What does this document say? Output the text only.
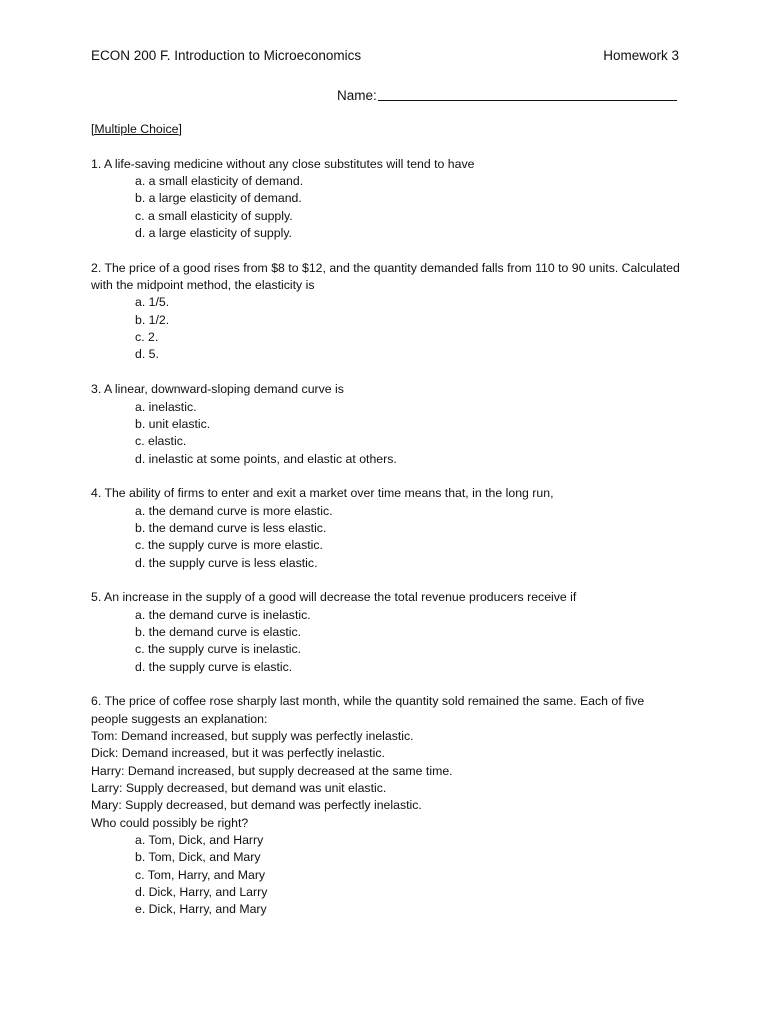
ECON 200 F. Introduction to Microeconomics	Homework 3
Name:
[Multiple Choice]
1. A life-saving medicine without any close substitutes will tend to have
a. a small elasticity of demand.
b. a large elasticity of demand.
c. a small elasticity of supply.
d. a large elasticity of supply.
2. The price of a good rises from $8 to $12, and the quantity demanded falls from 110 to 90 units. Calculated with the midpoint method, the elasticity is
a. 1/5.
b. 1/2.
c. 2.
d. 5.
3. A linear, downward-sloping demand curve is
a. inelastic.
b. unit elastic.
c. elastic.
d. inelastic at some points, and elastic at others.
4. The ability of firms to enter and exit a market over time means that, in the long run,
a. the demand curve is more elastic.
b. the demand curve is less elastic.
c. the supply curve is more elastic.
d. the supply curve is less elastic.
5. An increase in the supply of a good will decrease the total revenue producers receive if
a. the demand curve is inelastic.
b. the demand curve is elastic.
c. the supply curve is inelastic.
d. the supply curve is elastic.
6. The price of coffee rose sharply last month, while the quantity sold remained the same. Each of five people suggests an explanation:
Tom: Demand increased, but supply was perfectly inelastic.
Dick: Demand increased, but it was perfectly inelastic.
Harry: Demand increased, but supply decreased at the same time.
Larry: Supply decreased, but demand was unit elastic.
Mary: Supply decreased, but demand was perfectly inelastic.
Who could possibly be right?
a. Tom, Dick, and Harry
b. Tom, Dick, and Mary
c. Tom, Harry, and Mary
d. Dick, Harry, and Larry
e. Dick, Harry, and Mary
